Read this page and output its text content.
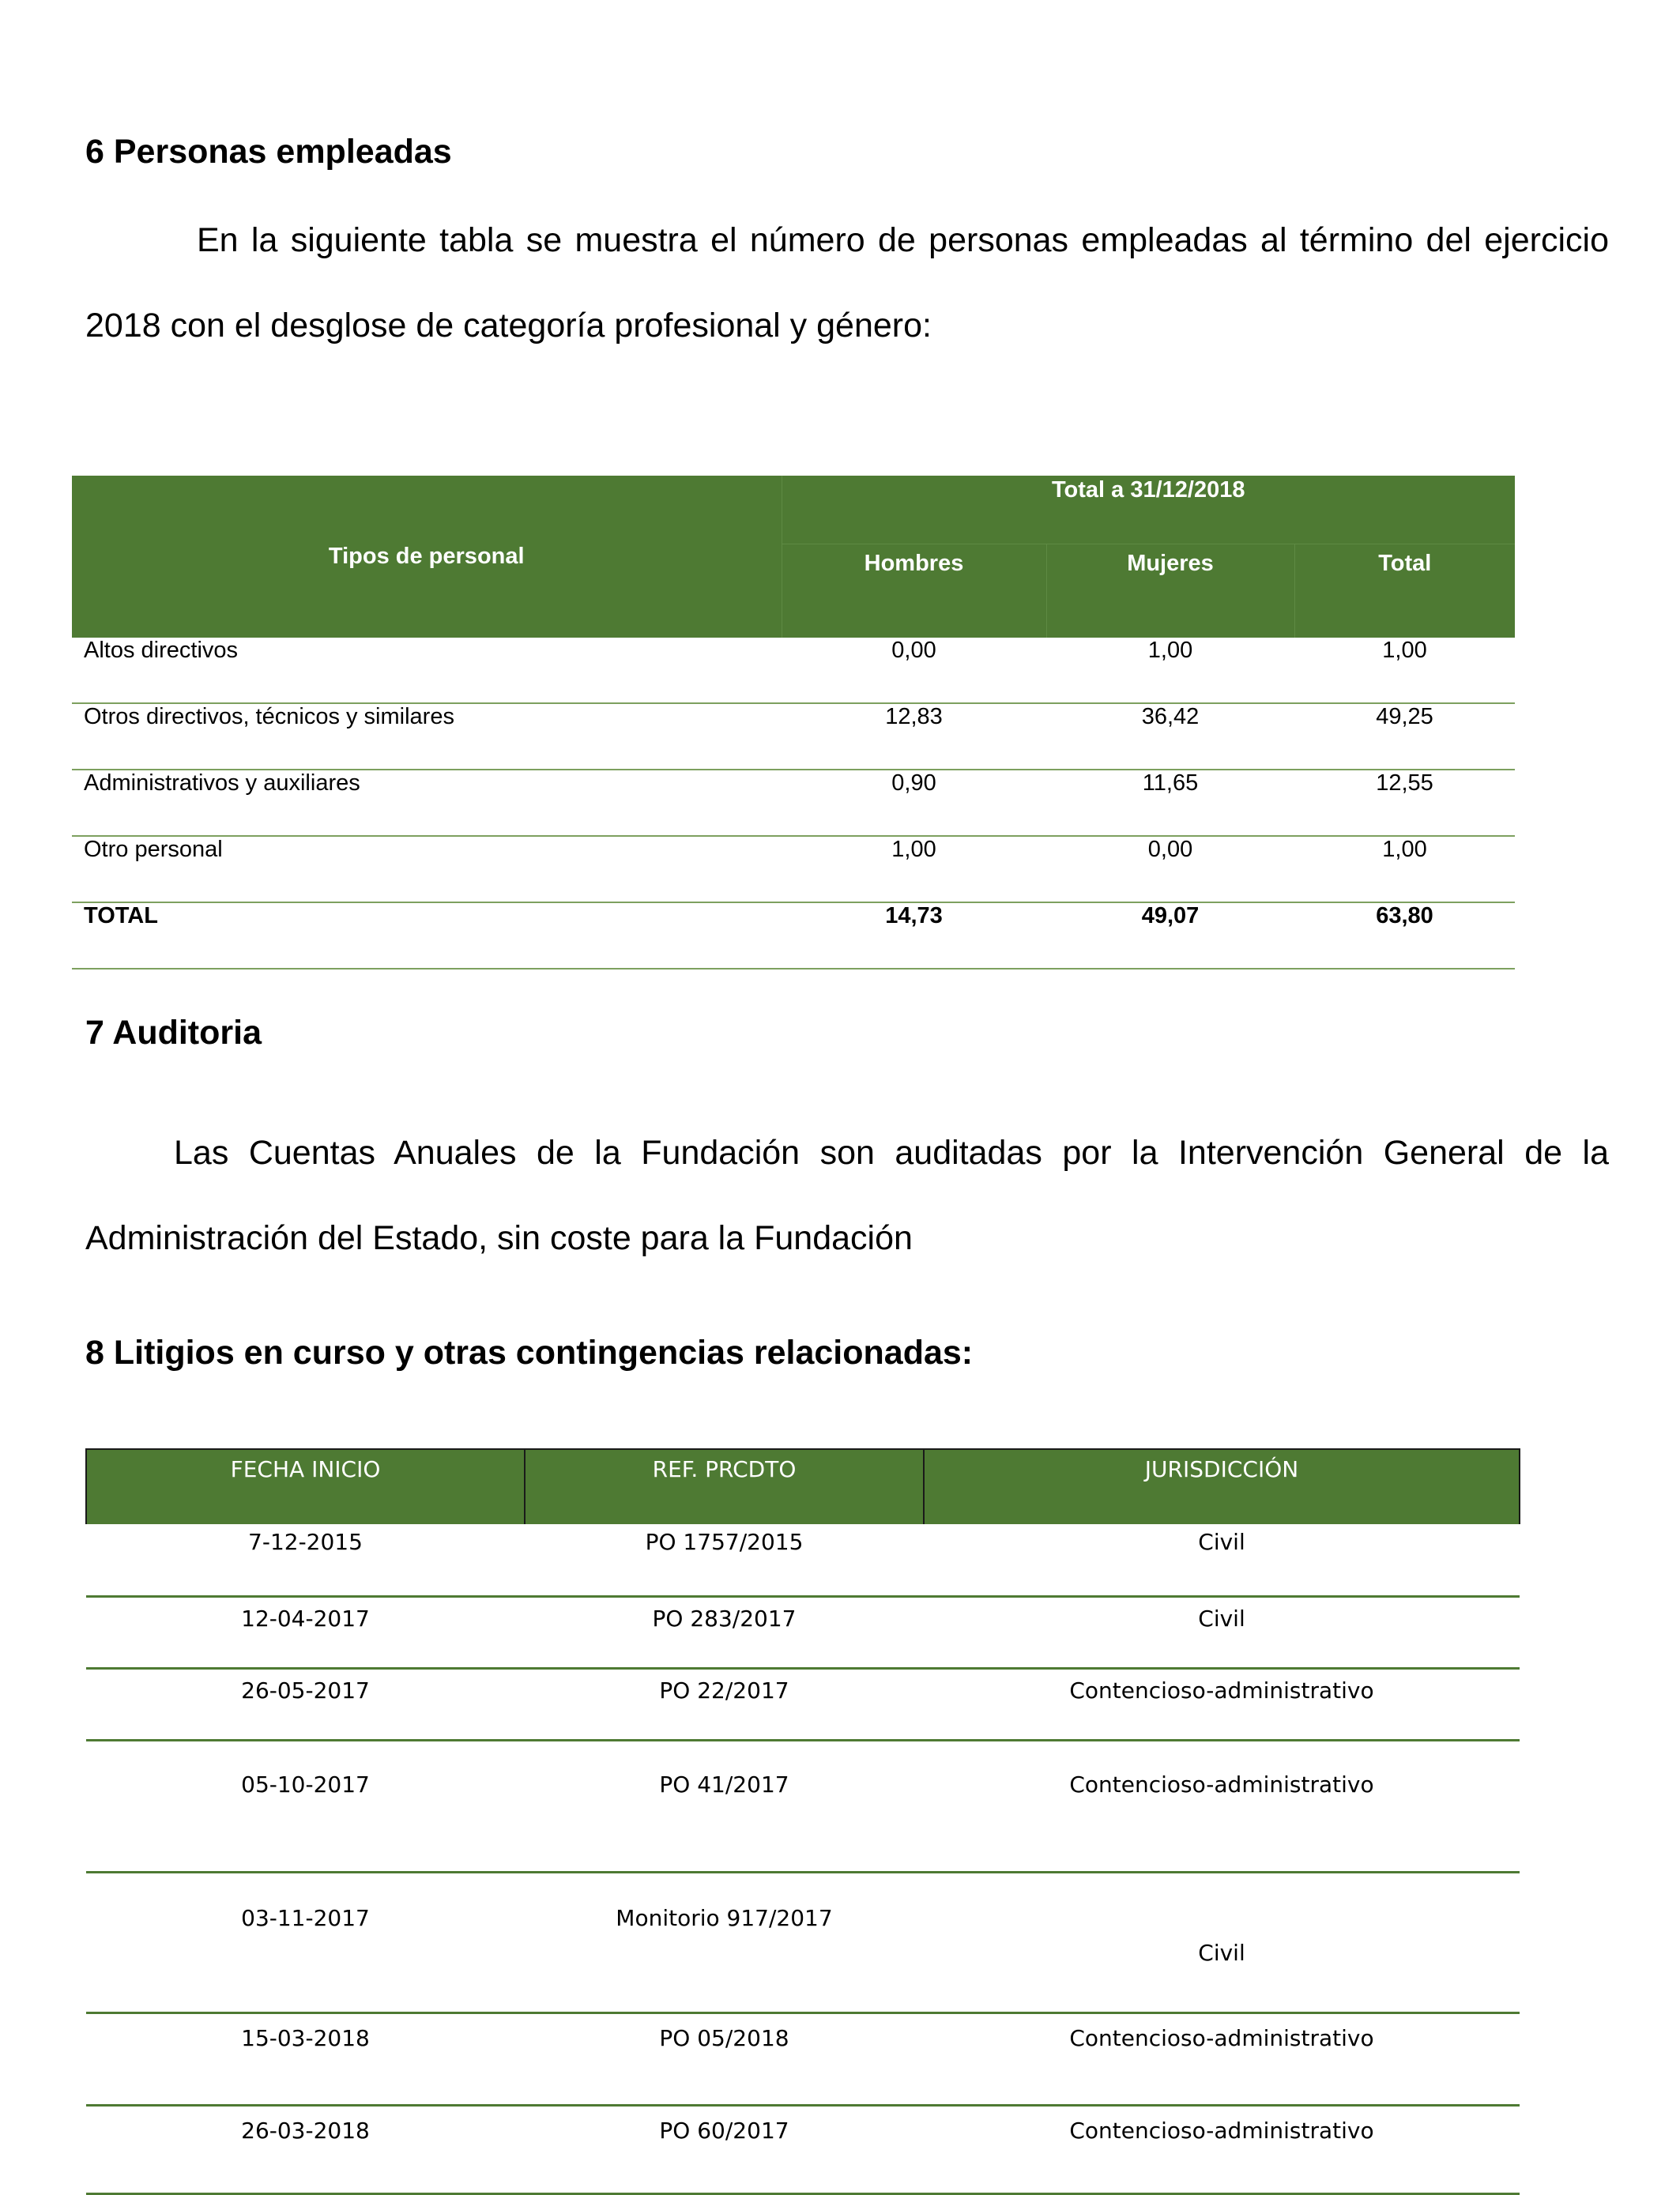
6 Personas empleadas

En la siguiente tabla se muestra el número de personas empleadas al término del ejercicio 2018 con el desglose de categoría profesional y género:

Tipos de personal	Total a 31/12/2018		
	Hombres	Mujeres	Total
Altos directivos	0,00	1,00	1,00
Otros directivos, técnicos y similares	12,83	36,42	49,25
Administrativos y auxiliares	0,90	11,65	12,55
Otro personal	1,00	0,00	1,00
TOTAL	14,73	49,07	63,80
7 Auditoria

Las Cuentas Anuales de la Fundación son auditadas por la Intervención General de la Administración del Estado, sin coste para la Fundación

8 Litigios en curso y otras contingencias relacionadas:
FECHA INICIO	REF. PRCDTO	JURISDICCIÓN

7-12-2015	PO 1757/2015	Civil

12-04-2017	PO 283/2017	Civil

26-05-2017	PO 22/2017	Contencioso-administrativo

05-10-2017	PO 41/2017	Contencioso-administrativo

03-11-2017	Monitorio 917/2017	Civil

15-03-2018	PO 05/2018	Contencioso-administrativo

26-03-2018	PO 60/2017	Contencioso-administrativo
